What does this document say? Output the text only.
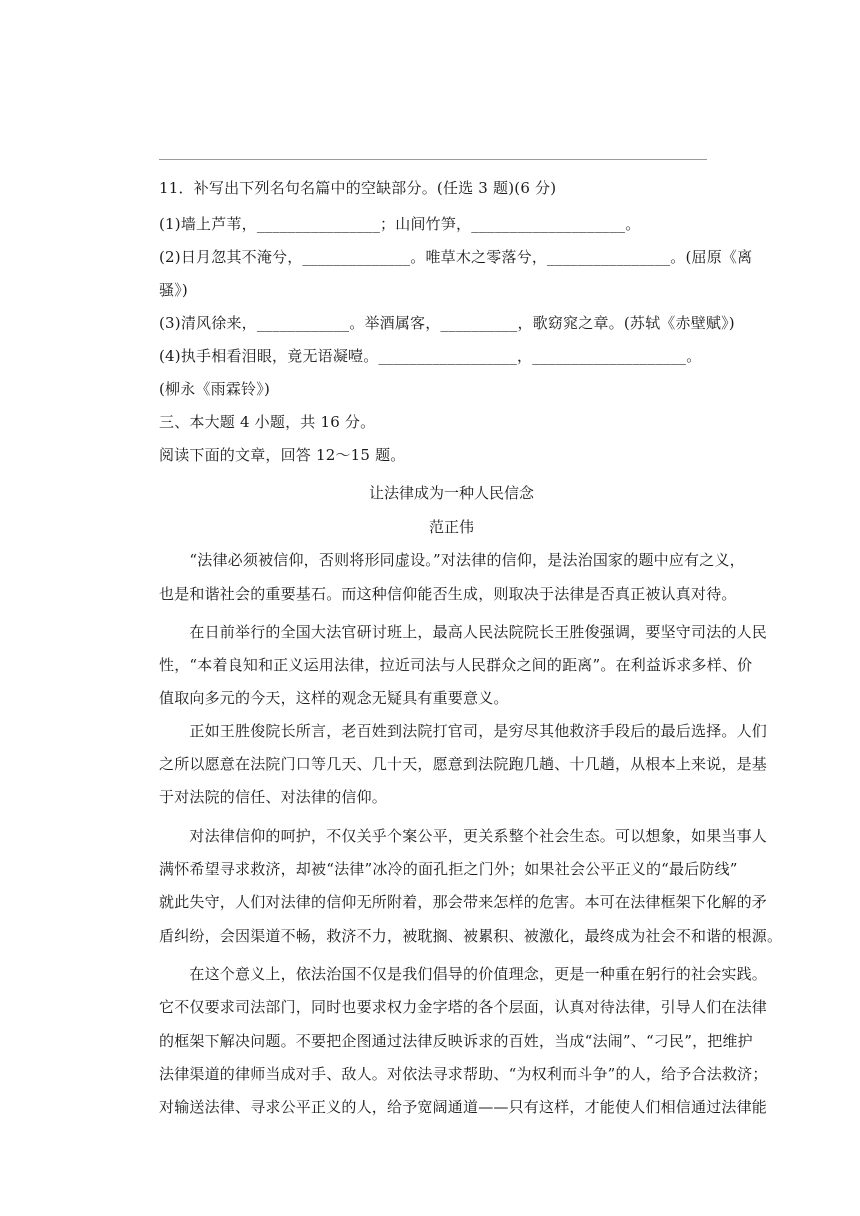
11．补写出下列名句名篇中的空缺部分。(任选 3 题)(6 分)
(1)墙上芦苇，________________；山间竹笋，____________________。
(2)日月忽其不淹兮，______________。唯草木之零落兮，________________。(屈原《离
骚》)
(3)清风徐来，____________。举酒属客，__________，歌窈窕之章。(苏轼《赤壁赋》)
(4)执手相看泪眼，竟无语凝噎。__________________，____________________。
(柳永《雨霖铃》)
三、本大题 4 小题，共 16 分。
阅读下面的文章，回答 12～15 题。
让法律成为一种人民信念
范正伟
　　“法律必须被信仰，否则将形同虚设。”对法律的信仰，是法治国家的题中应有之义，
也是和谐社会的重要基石。而这种信仰能否生成，则取决于法律是否真正被认真对待。
　　在日前举行的全国大法官研讨班上，最高人民法院院长王胜俊强调，要坚守司法的人民
性，“本着良知和正义运用法律，拉近司法与人民群众之间的距离”。在利益诉求多样、价
值取向多元的今天，这样的观念无疑具有重要意义。
　　正如王胜俊院长所言，老百姓到法院打官司，是穷尽其他救济手段后的最后选择。人们
之所以愿意在法院门口等几天、几十天，愿意到法院跑几趟、十几趟，从根本上来说，是基
于对法院的信任、对法律的信仰。
　　对法律信仰的呵护，不仅关乎个案公平，更关系整个社会生态。可以想象，如果当事人
满怀希望寻求救济，却被“法律”冰冷的面孔拒之门外；如果社会公平正义的“最后防线”
就此失守，人们对法律的信仰无所附着，那会带来怎样的危害。本可在法律框架下化解的矛
盾纠纷，会因渠道不畅，救济不力，被耽搁、被累积、被激化，最终成为社会不和谐的根源。
　　在这个意义上，依法治国不仅是我们倡导的价值理念，更是一种重在躬行的社会实践。
它不仅要求司法部门，同时也要求权力金字塔的各个层面，认真对待法律，引导人们在法律
的框架下解决问题。不要把企图通过法律反映诉求的百姓，当成“法闹”、“刁民”，把维护
法律渠道的律师当成对手、敌人。对依法寻求帮助、“为权利而斗争”的人，给予合法救济；
对输送法律、寻求公平正义的人，给予宽阔通道——只有这样，才能使人们相信通过法律能
